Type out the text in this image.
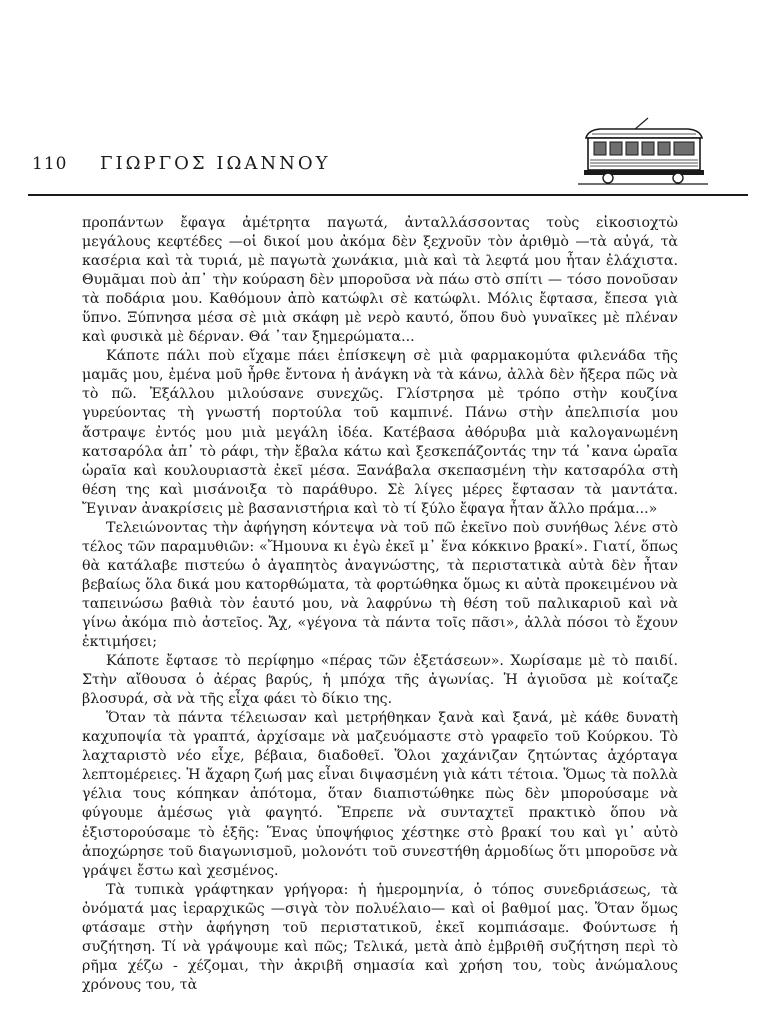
110 ΓΙΩΡΓΟΣ ΙΩΑΝΝΟΥ

προπάντων ἔφαγα ἀμέτρητα παγωτά, ἀνταλλάσσοντας τοὺς εἰκοσιοχτὼ μεγάλους κεφτέδες —οἱ δικοί μου ἀκόμα δὲν ξεχνοῦν τὸν ἀριθμὸ —τὰ αὐγά, τὰ κασέρια καὶ τὰ τυριά, μὲ παγωτὰ χωνάκια, μιὰ καὶ τὰ λεφτά μου ἦταν ἐλάχιστα. Θυμᾶμαι ποὺ ἀπ᾿ τὴν κούραση δὲν μποροῦσα νὰ πάω στὸ σπίτι — τόσο πονοῦσαν τὰ ποδάρια μου. Καθόμουν ἀπὸ κατώφλι σὲ κατώφλι. Μόλις ἔφτασα, ἔπεσα γιὰ ὕπνο. Ξύπνησα μέσα σὲ μιὰ σκάφη μὲ νερὸ καυτό, ὅπου δυὸ γυναῖκες μὲ πλέναν καὶ φυσικὰ μὲ δέρναν. Θά ᾿ταν ξημερώματα...

Κάποτε πάλι ποὺ εἴχαμε πάει ἐπίσκεψη σὲ μιὰ φαρμακομύτα φιλενάδα τῆς μαμᾶς μου, ἐμένα μοῦ ἦρθε ἔντονα ἡ ἀνάγκη νὰ τὰ κάνω, ἀλλὰ δὲν ἤξερα πῶς νὰ τὸ πῶ. Ἐξάλλου μιλούσανε συνεχῶς. Γλίστρησα μὲ τρόπο στὴν κουζίνα γυρεύοντας τὴ γνωστή πορτούλα τοῦ καμπινέ. Πάνω στὴν ἀπελπισία μου ἄστραψε ἐντός μου μιὰ μεγάλη ἰδέα. Κατέβασα ἀθόρυβα μιὰ καλογανωμένη κατσαρόλα ἀπ᾿ τὸ ράφι, τὴν ἔβαλα κάτω καὶ ξεσκεπάζοντάς την τά ᾿κανα ὡραῖα ὡραῖα καὶ κουλουριαστὰ ἐκεῖ μέσα. Ξανάβαλα σκεπασμένη τὴν κατσαρόλα στὴ θέση της καὶ μισάνοιξα τὸ παράθυρο. Σὲ λίγες μέρες ἔφτασαν τὰ μαντάτα. Ἔγιναν ἀνακρίσεις μὲ βασανιστήρια καὶ τὸ τί ξύλο ἔφαγα ἦταν ἄλλο πράμα...»

Τελειώνοντας τὴν ἀφήγηση κόντεψα νὰ τοῦ πῶ ἐκεῖνο ποὺ συνήθως λένε στὸ τέλος τῶν παραμυθιῶν: «Ἤμουνα κι ἐγὼ ἐκεῖ μ᾿ ἕνα κόκκινο βρακί». Γιατί, ὅπως θὰ κατάλαβε πιστεύω ὁ ἀγαπητὸς ἀναγνώστης, τὰ περιστατικὰ αὐτὰ δὲν ἦταν βεβαίως ὅλα δικά μου κατορθώματα, τὰ φορτώθηκα ὅμως κι αὐτὰ προκειμένου νὰ ταπεινώσω βαθιὰ τὸν ἑαυτό μου, νὰ λαφρύνω τὴ θέση τοῦ παλικαριοῦ καὶ νὰ γίνω ἀκόμα πιὸ ἀστεῖος. Ἄχ, «γέγονα τὰ πάντα τοῖς πᾶσι», ἀλλὰ πόσοι τὸ ἔχουν ἐκτιμήσει;

Κάποτε ἔφτασε τὸ περίφημο «πέρας τῶν ἐξετάσεων». Χωρίσαμε μὲ τὸ παιδί. Στὴν αἴθουσα ὁ ἀέρας βαρύς, ἡ μπόχα τῆς ἀγωνίας. Ἡ ἁγιοῦσα μὲ κοίταζε βλοσυρά, σὰ νὰ τῆς εἶχα φάει τὸ δίκιο της.

Ὅταν τὰ πάντα τέλειωσαν καὶ μετρήθηκαν ξανὰ καὶ ξανά, μὲ κάθε δυνατὴ καχυποψία τὰ γραπτά, ἀρχίσαμε νὰ μαζευόμαστε στὸ γραφεῖο τοῦ Κούρκου. Τὸ λαχταριστὸ νέο εἶχε, βέβαια, διαδοθεῖ. Ὅλοι χαχάνιζαν ζητώντας ἀχόρταγα λεπτομέρειες. Ἡ ἄχαρη ζωή μας εἶναι διψασμένη γιὰ κάτι τέτοια. Ὅμως τὰ πολλὰ γέλια τους κόπηκαν ἀπότομα, ὅταν διαπιστώθηκε πὼς δὲν μπορούσαμε νὰ φύγουμε ἀμέσως γιὰ φαγητό. Ἔπρεπε νὰ συνταχτεῖ πρακτικὸ ὅπου νὰ ἐξιστορούσαμε τὸ ἐξῆς: Ἕνας ὑποψήφιος χέστηκε στὸ βρακί του καὶ γι᾿ αὐτὸ ἀποχώρησε τοῦ διαγωνισμοῦ, μολονότι τοῦ συνεστήθη ἁρμοδίως ὅτι μποροῦσε νὰ γράψει ἔστω καὶ χεσμένος.

Τὰ τυπικὰ γράφτηκαν γρήγορα: ἡ ἡμερομηνία, ὁ τόπος συνεδριάσεως, τὰ ὀνόματά μας ἱεραρχικῶς —σιγὰ τὸν πολυέλαιο— καὶ οἱ βαθμοί μας. Ὅταν ὅμως φτάσαμε στὴν ἀφήγηση τοῦ περιστατικοῦ, ἐκεῖ κομπιάσαμε. Φούντωσε ἡ συζήτηση. Τί νὰ γράψουμε καὶ πῶς; Τελικά, μετὰ ἀπὸ ἐμβριθῆ συζήτηση περὶ τὸ ρῆμα χέζω - χέζομαι, τὴν ἀκριβῆ σημασία καὶ χρήση του, τοὺς ἀνώμαλους χρόνους του, τὰ
